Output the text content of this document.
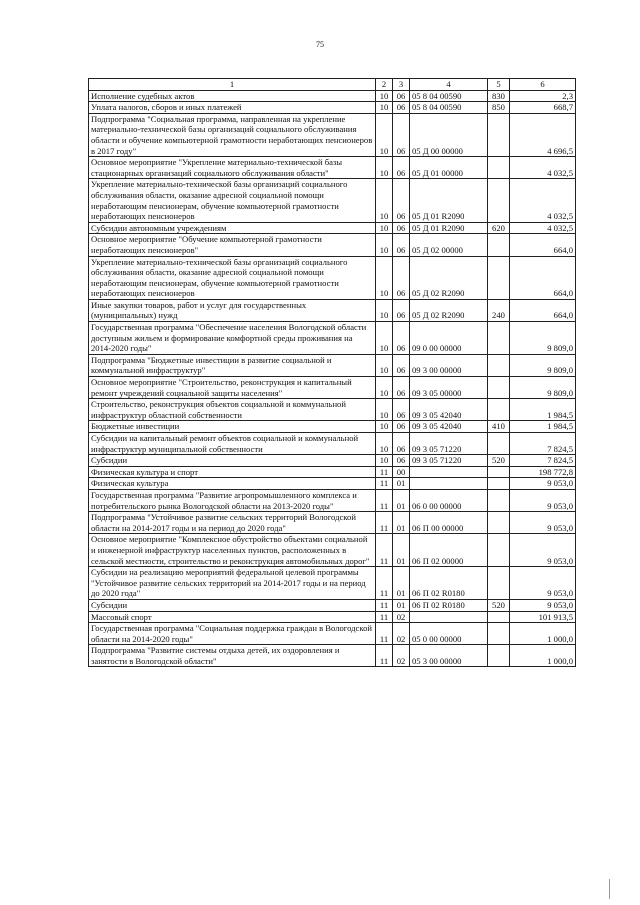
75
1	2	3	4	5	6
Исполнение судебных актов	10	06	05 8 04 00590	830	2,3
Уплата налогов, сборов и иных платежей	10	06	05 8 04 00590	850	668,7
Подпрограмма "Социальная программа, направленная на укрепление материально-технической базы организаций социального обслуживания области и обучение компьютерной грамотности неработающих пенсионеров в 2017 году"	10	06	05 Д 00 00000		4 696,5
Основное мероприятие "Укрепление материально-технической базы стационарных организаций социального обслуживания области"	10	06	05 Д 01 00000		4 032,5
Укрепление материально-технической базы организаций социального обслуживания области, оказание адресной социальной помощи неработающим пенсионерам, обучение компьютерной грамотности неработающих пенсионеров	10	06	05 Д 01 R2090		4 032,5
Субсидии автономным учреждениям	10	06	05 Д 01 R2090	620	4 032,5
Основное мероприятие "Обучение компьютерной грамотности неработающих пенсионеров"	10	06	05 Д 02 00000		664,0
Укрепление материально-технической базы организаций социального обслуживания области, оказание адресной социальной помощи неработающим пенсионерам, обучение компьютерной грамотности неработающих пенсионеров	10	06	05 Д 02 R2090		664,0
Иные закупки товаров, работ и услуг для государственных (муниципальных) нужд	10	06	05 Д 02 R2090	240	664,0
Государственная программа "Обеспечение населения Вологодской области доступным жильем и формирование комфортной среды проживания на 2014-2020 годы"	10	06	09 0 00 00000		9 809,0
Подпрограмма "Бюджетные инвестиции в развитие социальной и коммунальной инфраструктур"	10	06	09 3 00 00000		9 809,0
Основное мероприятие "Строительство, реконструкция и капитальный ремонт учреждений социальной защиты населения"	10	06	09 3 05 00000		9 809,0
Строительство, реконструкция объектов социальной и коммунальной инфраструктур областной собственности	10	06	09 3 05 42040		1 984,5
Бюджетные инвестиции	10	06	09 3 05 42040	410	1 984,5
Субсидии на капитальный ремонт объектов социальной и коммунальной инфраструктур муниципальной собственности	10	06	09 3 05 71220		7 824,5
Субсидии	10	06	09 3 05 71220	520	7 824,5
Физическая культура и спорт	11	00			198 772,8
Физическая культура	11	01			9 053,0
Государственная программа "Развитие агропромышленного комплекса и потребительского рынка Вологодской области на 2013-2020 годы"	11	01	06 0 00 00000		9 053,0
Подпрограмма "Устойчивое развитие сельских территорий Вологодской области на 2014-2017 годы и на период до 2020 года"	11	01	06 П 00 00000		9 053,0
Основное мероприятие "Комплексное обустройство объектами социальной и инженерной инфраструктур населенных пунктов, расположенных в сельской местности, строительство и реконструкция автомобильных дорог"	11	01	06 П 02 00000		9 053,0
Субсидии на реализацию мероприятий федеральной целевой программы "Устойчивое развитие сельских территорий на 2014-2017 годы и на период до 2020 года"	11	01	06 П 02 R0180		9 053,0
Субсидии	11	01	06 П 02 R0180	520	9 053,0
Массовый спорт	11	02			101 913,5
Государственная программа "Социальная поддержка граждан в Вологодской области на 2014-2020 годы"	11	02	05 0 00 00000		1 000,0
Подпрограмма "Развитие системы отдыха детей, их оздоровления и занятости в Вологодской области"	11	02	05 3 00 00000		1 000,0
